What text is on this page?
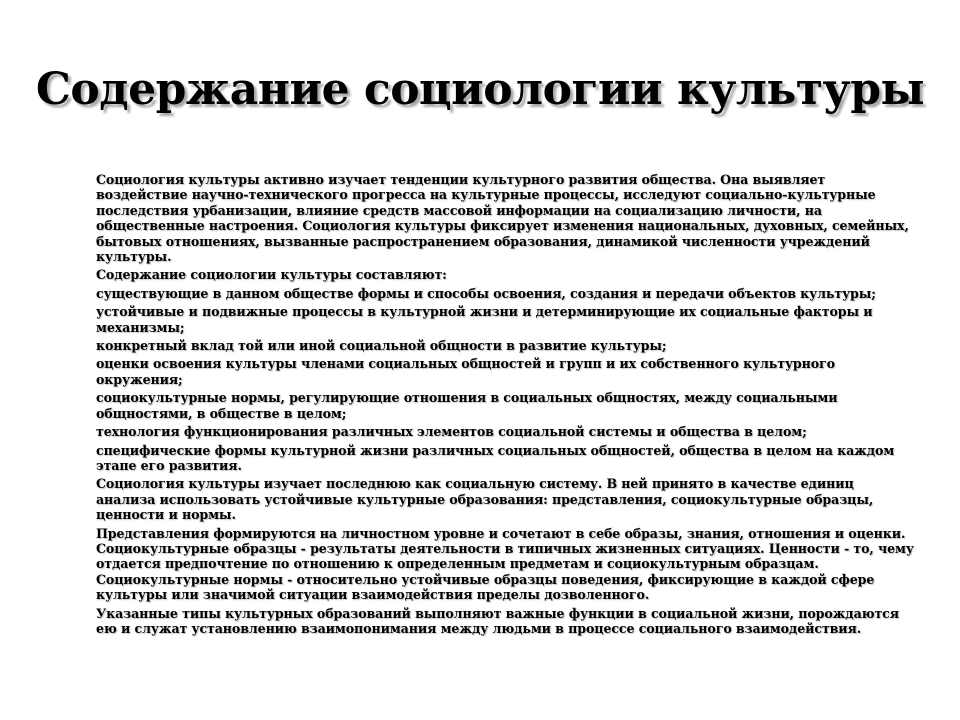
Содержание социологии культуры

Социология культуры активно изучает тенденции культурного развития общества. Она выявляет воздействие научно-технического прогресса на культурные процессы, исследуют социально-культурные последствия урбанизации, влияние средств массовой информации на социализацию личности, на общественные настроения. Социология культуры фиксирует изменения национальных, духовных, семейных, бытовых отношениях, вызванные распространением образования, динамикой численности учреждений культуры.

Содержание социологии культуры составляют:

существующие в данном обществе формы и способы освоения, создания и передачи объектов культуры;

устойчивые и подвижные процессы в культурной жизни и детерминирующие их социальные факторы и механизмы;

конкретный вклад той или иной социальной общности в развитие культуры;

оценки освоения культуры членами социальных общностей и групп и их собственного культурного окружения;

социокультурные нормы, регулирующие отношения в социальных общностях, между социальными общностями, в обществе в целом;

технология функционирования различных элементов социальной системы и общества в целом;

специфические формы культурной жизни различных социальных общностей, общества в целом на каждом этапе его развития.

Социология культуры изучает последнюю как социальную систему. В ней принято в качестве единиц анализа использовать устойчивые культурные образования: представления, социокультурные образцы, ценности и нормы.

Представления формируются на личностном уровне и сочетают в себе образы, знания, отношения и оценки. Социокультурные образцы - результаты деятельности в типичных жизненных ситуациях. Ценности - то, чему отдается предпочтение по отношению к определенным предметам и социокультурным образцам. Социокультурные нормы - относительно устойчивые образцы поведения, фиксирующие в каждой сфере культуры или значимой ситуации взаимодействия пределы дозволенного.

Указанные типы культурных образований выполняют важные функции в социальной жизни, порождаются ею и служат установлению взаимопонимания между людьми в процессе социального взаимодействия.
